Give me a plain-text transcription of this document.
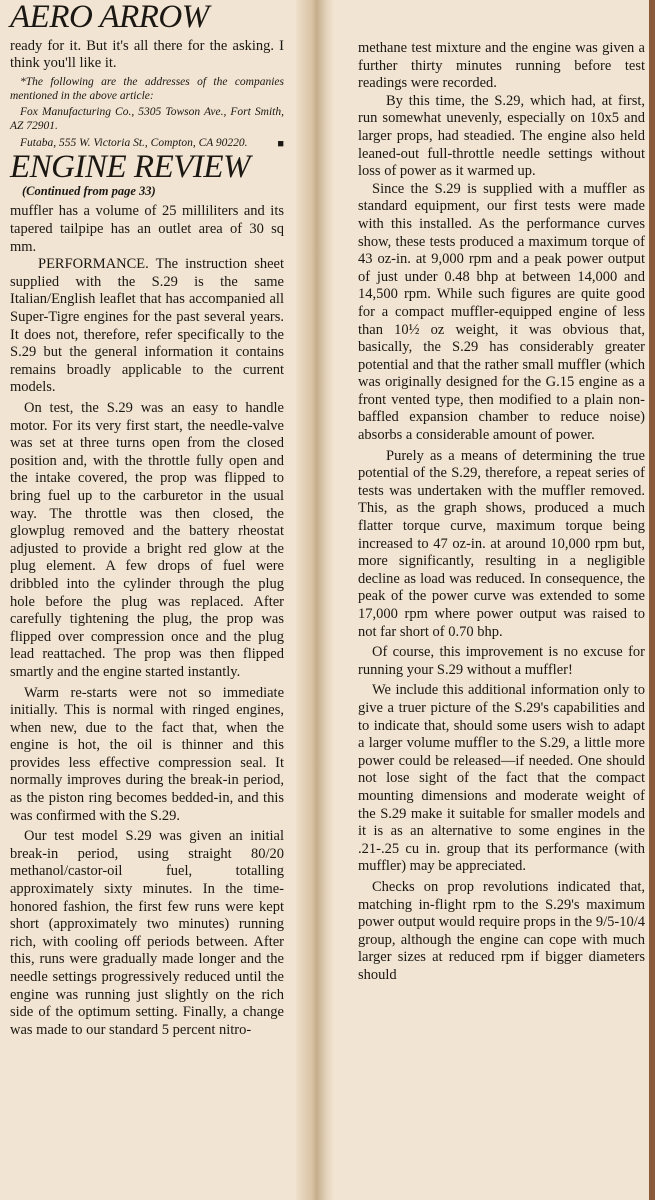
AERO ARROW

ready for it. But it's all there for the asking. I think you'll like it.

*The following are the addresses of the companies mentioned in the above article:

Fox Manufacturing Co., 5305 Towson Ave., Fort Smith, AZ 72901.

Futaba, 555 W. Victoria St., Compton, CA 90220.	■

ENGINE REVIEW
(Continued from page 33)

muffler has a volume of 25 milliliters and its tapered tailpipe has an outlet area of 30 sq mm.

PERFORMANCE. The instruction sheet supplied with the S.29 is the same Italian/English leaflet that has accompanied all Super-Tigre engines for the past several years. It does not, therefore, refer specifically to the S.29 but the general information it contains remains broadly applicable to the current models.

On test, the S.29 was an easy to handle motor. For its very first start, the needle-valve was set at three turns open from the closed position and, with the throttle fully open and the intake covered, the prop was flipped to bring fuel up to the carburetor in the usual way. The throttle was then closed, the glowplug removed and the battery rheostat adjusted to provide a bright red glow at the plug element. A few drops of fuel were dribbled into the cylinder through the plug hole before the plug was replaced. After carefully tightening the plug, the prop was flipped over compression once and the plug lead reattached. The prop was then flipped smartly and the engine started instantly.

Warm re-starts were not so immediate initially. This is normal with ringed engines, when new, due to the fact that, when the engine is hot, the oil is thinner and this provides less effective compression seal. It normally improves during the break-in period, as the piston ring becomes bedded-in, and this was confirmed with the S.29.

Our test model S.29 was given an initial break-in period, using straight 80/20 methanol/castor-oil fuel, totalling approximately sixty minutes. In the time-honored fashion, the first few runs were kept short (approximately two minutes) running rich, with cooling off periods between. After this, runs were gradually made longer and the needle settings progressively reduced until the engine was running just slightly on the rich side of the optimum setting. Finally, a change was made to our standard 5 percent nitro-

methane test mixture and the engine was given a further thirty minutes running before test readings were recorded.

By this time, the S.29, which had, at first, run somewhat unevenly, especially on 10x5 and larger props, had steadied. The engine also held leaned-out full-throttle needle settings without loss of power as it warmed up.

Since the S.29 is supplied with a muffler as standard equipment, our first tests were made with this installed. As the performance curves show, these tests produced a maximum torque of 43 oz-in. at 9,000 rpm and a peak power output of just under 0.48 bhp at between 14,000 and 14,500 rpm. While such figures are quite good for a compact muffler-equipped engine of less than 10½ oz weight, it was obvious that, basically, the S.29 has considerably greater potential and that the rather small muffler (which was originally designed for the G.15 engine as a front vented type, then modified to a plain non-baffled expansion chamber to reduce noise) absorbs a considerable amount of power.

Purely as a means of determining the true potential of the S.29, therefore, a repeat series of tests was undertaken with the muffler removed. This, as the graph shows, produced a much flatter torque curve, maximum torque being increased to 47 oz-in. at around 10,000 rpm but, more significantly, resulting in a negligible decline as load was reduced. In consequence, the peak of the power curve was extended to some 17,000 rpm where power output was raised to not far short of 0.70 bhp.

Of course, this improvement is no excuse for running your S.29 without a muffler!

We include this additional information only to give a truer picture of the S.29's capabilities and to indicate that, should some users wish to adapt a larger volume muffler to the S.29, a little more power could be released—if needed. One should not lose sight of the fact that the compact mounting dimensions and moderate weight of the S.29 make it suitable for smaller models and it is as an alternative to some engines in the .21-.25 cu in. group that its performance (with muffler) may be appreciated.

Checks on prop revolutions indicated that, matching in-flight rpm to the S.29's maximum power output would require props in the 9/5-10/4 group, although the engine can cope with much larger sizes at reduced rpm if bigger diameters should
